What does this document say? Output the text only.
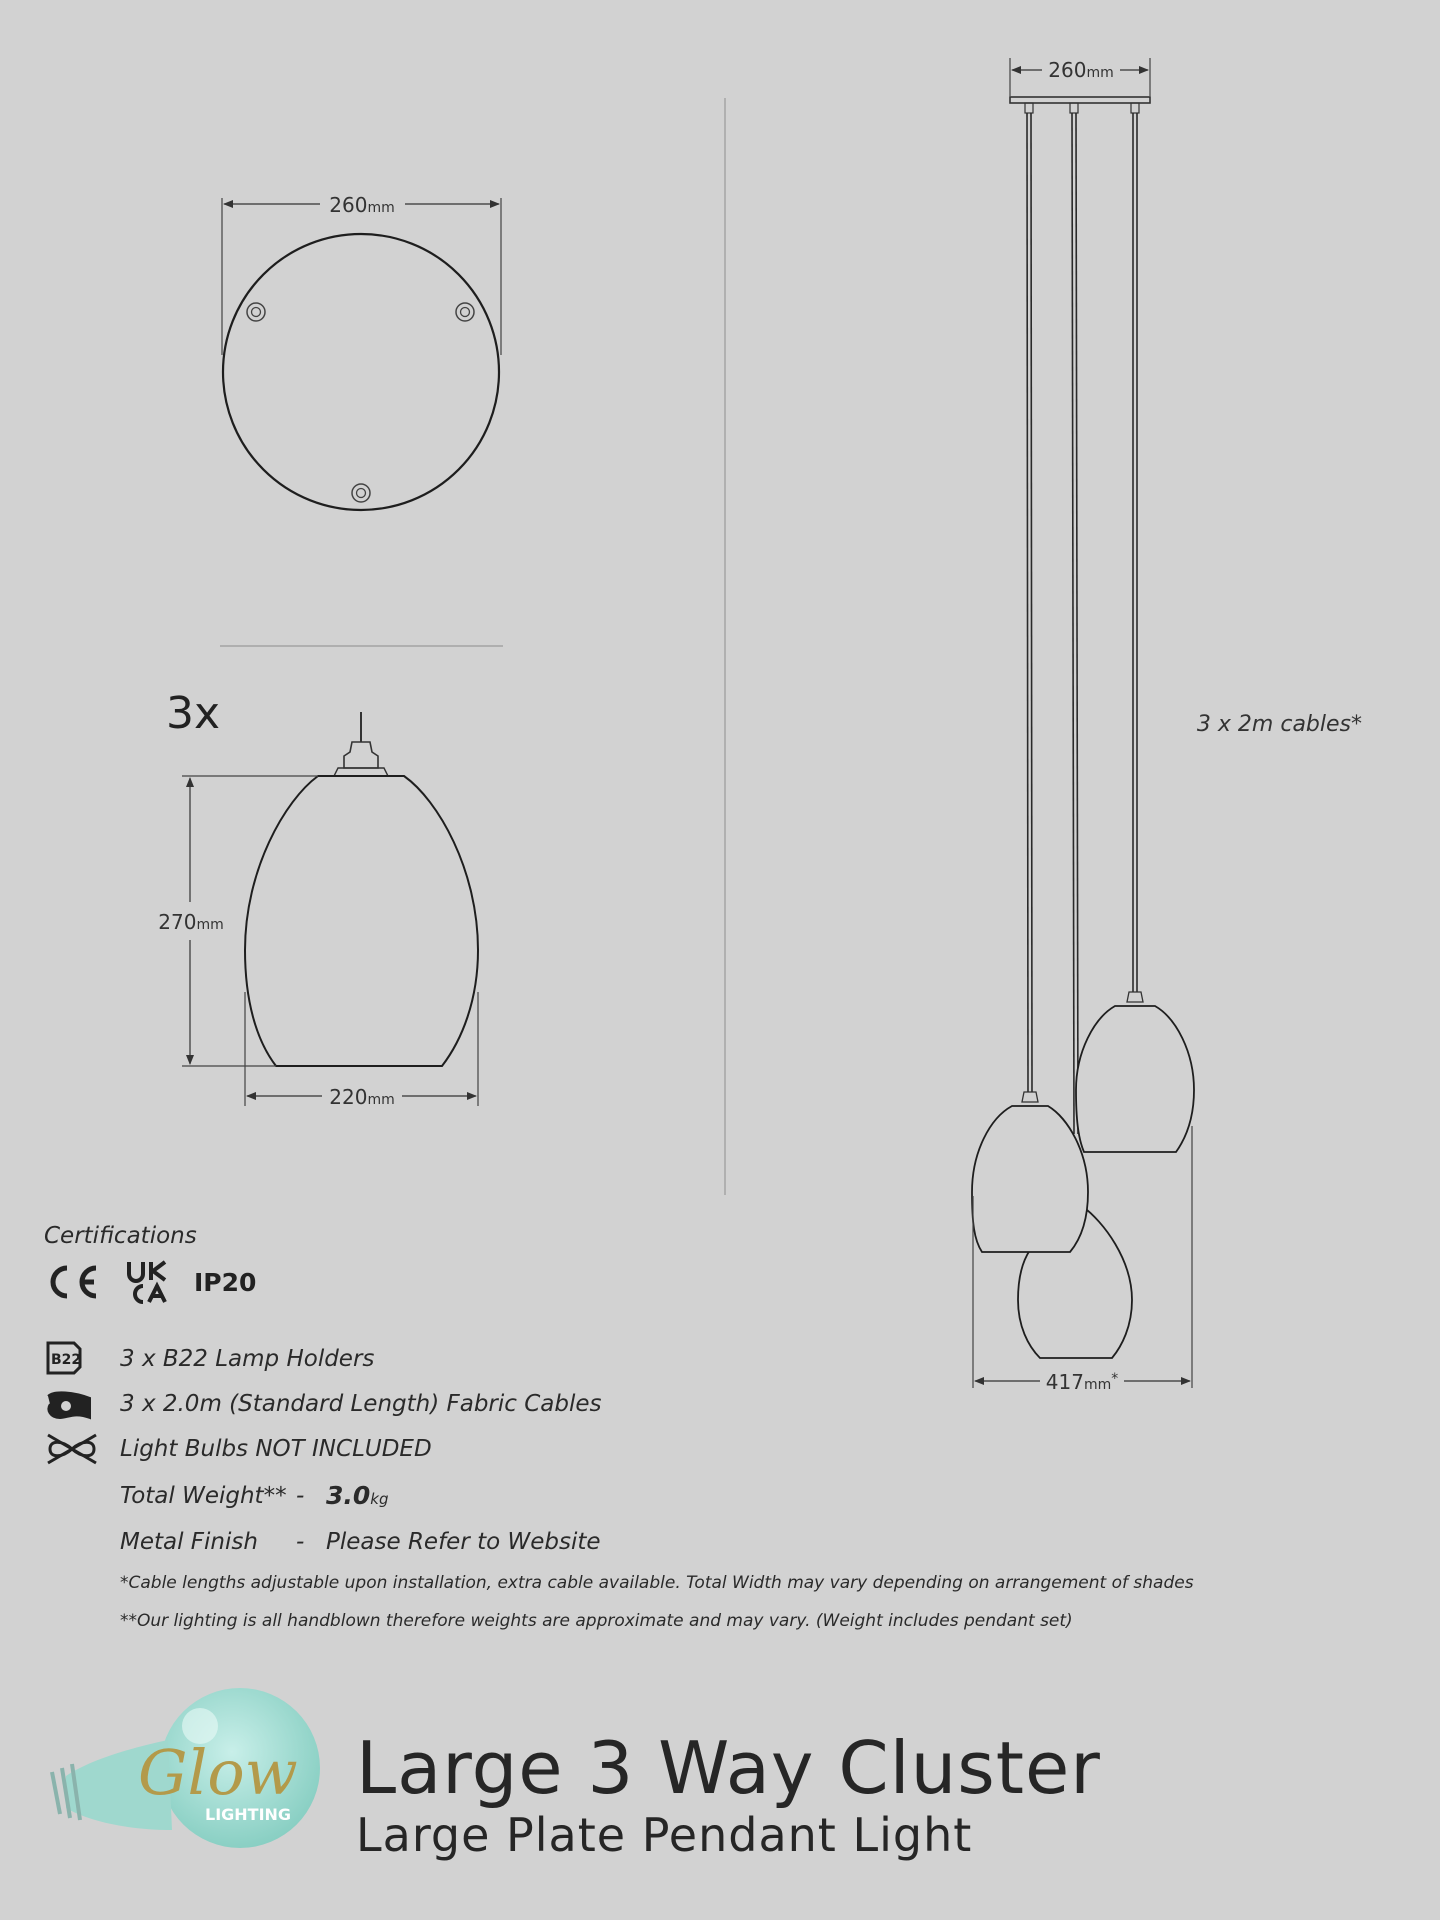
260mm
3x
270mm
220mm
260mm
3 x 2m cables*
417mm*
Glow
LIGHTING
Certifications
IP20
B22 3 x B22 Lamp Holders
3 x 2.0m (Standard Length) Fabric Cables
Light Bulbs NOT INCLUDED
Total Weight** - 3.0kg
Metal Finish - Please Refer to Website
*Cable lengths adjustable upon installation, extra cable available. Total Width may vary depending on arrangement of shades
**Our lighting is all handblown therefore weights are approximate and may vary. (Weight includes pendant set)
Large 3 Way Cluster
Large Plate Pendant Light
